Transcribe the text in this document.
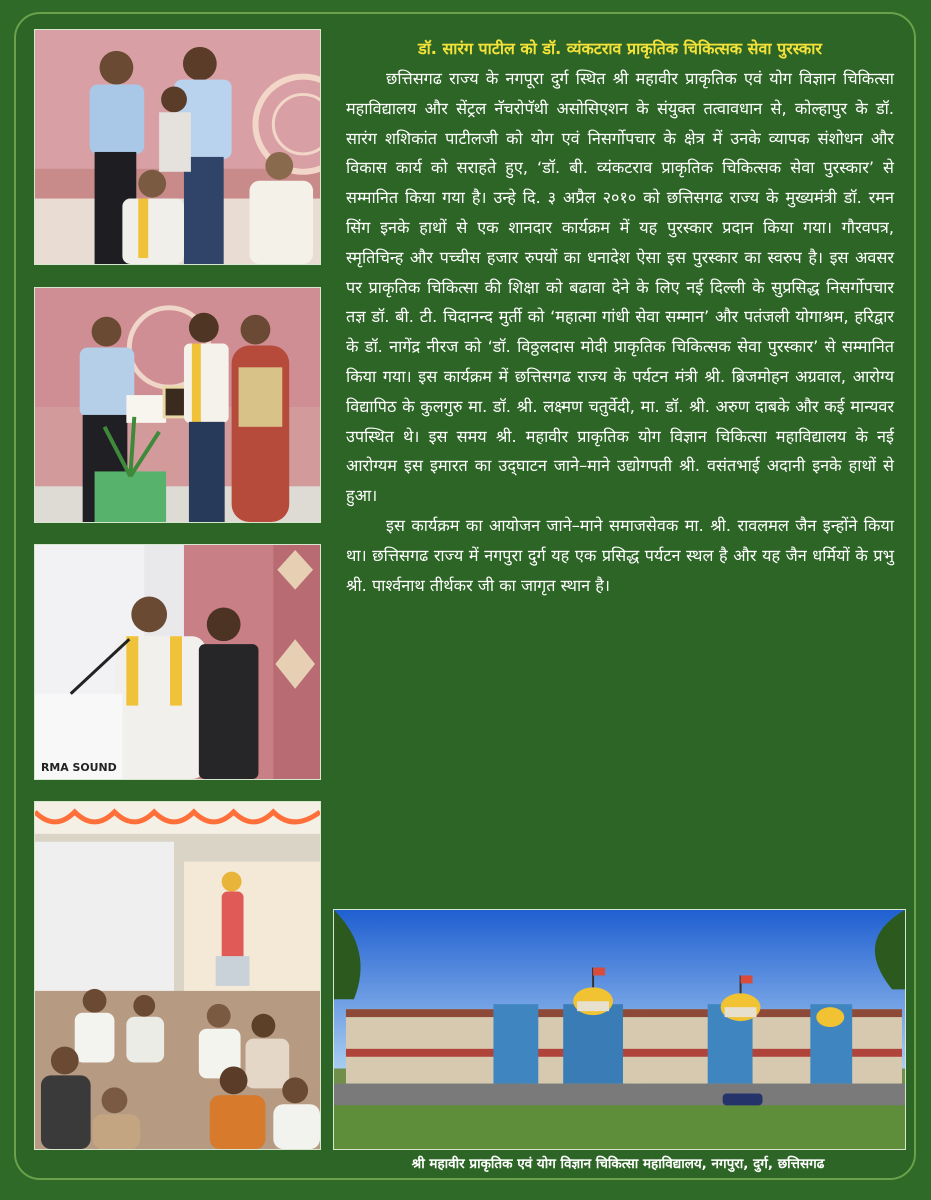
RMA SOUND
डॉ. सारंग पाटील को डॉ. व्यंकटराव प्राकृतिक चिकित्सक सेवा पुरस्कार

छत्तिसगढ राज्य के नगपूरा दुर्ग स्थित श्री महावीर प्राकृतिक एवं योग विज्ञान चिकित्सा महाविद्यालय और सेंट्रल नॅचरोपॅथी असोसिएशन के संयुक्त तत्वावधान से, कोल्हापुर के डॉ. सारंग शशिकांत पाटीलजी को योग एवं निसर्गोपचार के क्षेत्र में उनके व्यापक संशोधन और विकास कार्य को सराहते हुए, ‘डॉ. बी. व्यंकटराव प्राकृतिक चिकित्सक सेवा पुरस्कार’ से सम्मानित किया गया है। उन्हे दि. ३ अप्रैल २०१० को छत्तिसगढ राज्य के मुख्यमंत्री डॉ. रमन सिंग इनके हाथों से एक शानदार कार्यक्रम में यह पुरस्कार प्रदान किया गया। गौरवपत्र, स्मृतिचिन्ह और पच्चीस हजार रुपयों का धनादेश ऐसा इस पुरस्कार का स्वरुप है। इस अवसर पर प्राकृतिक चिकित्सा की शिक्षा को बढावा देने के लिए नई दिल्ली के सुप्रसिद्ध निसर्गोपचार तज्ञ डॉ. बी. टी. चिदानन्द मुर्ती को ‘महात्मा गांधी सेवा सम्मान’ और पतंजली योगाश्रम, हरिद्वार के डॉ. नागेंद्र नीरज को ‘डॉ. विठ्ठलदास मोदी प्राकृतिक चिकित्सक सेवा पुरस्कार’ से सम्मानित किया गया। इस कार्यक्रम में छत्तिसगढ राज्य के पर्यटन मंत्री श्री. ब्रिजमोहन अग्रवाल, आरोग्य विद्यापिठ के कुलगुरु मा. डॉ. श्री. लक्ष्मण चतुर्वेदी, मा. डॉ. श्री. अरुण दाबके और कई मान्यवर उपस्थित थे। इस समय श्री. महावीर प्राकृतिक योग विज्ञान चिकित्सा महाविद्यालय के नई आरोग्यम इस इमारत का उद्‌घाटन जाने–माने उद्योगपती श्री. वसंतभाई अदानी इनके हाथों से हुआ।

इस कार्यक्रम का आयोजन जाने–माने समाजसेवक मा. श्री. रावलमल जैन इन्होंने किया था। छत्तिसगढ राज्य में नगपुरा दुर्ग यह एक प्रसिद्ध पर्यटन स्थल है और यह जैन धर्मियों के प्रभु श्री. पार्श्वनाथ तीर्थकर जी का जागृत स्थान है।

श्री महावीर प्राकृतिक एवं योग विज्ञान चिकित्सा महाविद्यालय, नगपुरा, दुर्ग, छत्तिसगढ
